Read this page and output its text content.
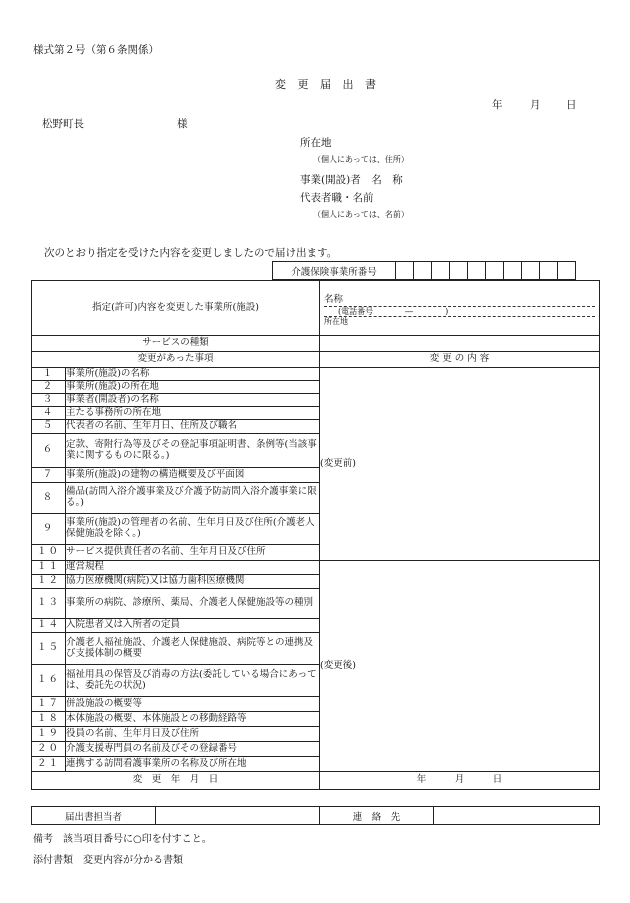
様式第２号（第６条関係）
変 更 届 出 書
年	月 日
松野町長	様
所在地
（個人にあっては、住所）
事業(開設)者　名　称
代表者職・名前
（個人にあっては、名前）
次のとおり指定を受けた内容を変更しましたので届け出ます。
介護保険事業所番号										
指定(許可)内容を変更した事業所(施設)		名称
(電話番号　　　　―　　　　)
所在地

サービスの種類		
変更があった事項		変 更 の 内 容
１	事業所(施設)の名称	(変更前)
２	事業所(施設)の所在地	
３	事業者(開設者)の名称	
４	主たる事務所の所在地	
５	代表者の名前、生年月日、住所及び職名	
６	定款、寄附行為等及びその登記事項証明書、条例等(当該事業に関するものに限る。)	
７	事業所(施設)の建物の構造概要及び平面図	
８	備品(訪問入浴介護事業及び介護予防訪問入浴介護事業に限る。)	
９	事業所(施設)の管理者の名前、生年月日及び住所(介護老人保健施設を除く。)	
１０	サービス提供責任者の名前、生年月日及び住所	
１１	運営規程	(変更後)
１２	協力医療機関(病院)又は協力歯科医療機関	
１３	事業所の病院、診療所、薬局、介護老人保健施設等の種別	
１４	入院患者又は入所者の定員	
１５	介護老人福祉施設、介護老人保健施設、病院等との連携及び支援体制の概要	
１６	福祉用具の保管及び消毒の方法(委託している場合にあっては、委託先の状況)	
１７	併設施設の概要等	
１８	本体施設の概要、本体施設との移動経路等	
１９	役員の名前、生年月日及び住所	
２０	介護支援専門員の名前及びその登録番号	
２１	連携する訪問看護事業所の名称及び所在地	
変　更　年　月　日		年　　　月　　　日
届出書担当者		連　絡　先	
備考　該当項目番号に○印を付すこと。
添付書類　変更内容が分かる書類
